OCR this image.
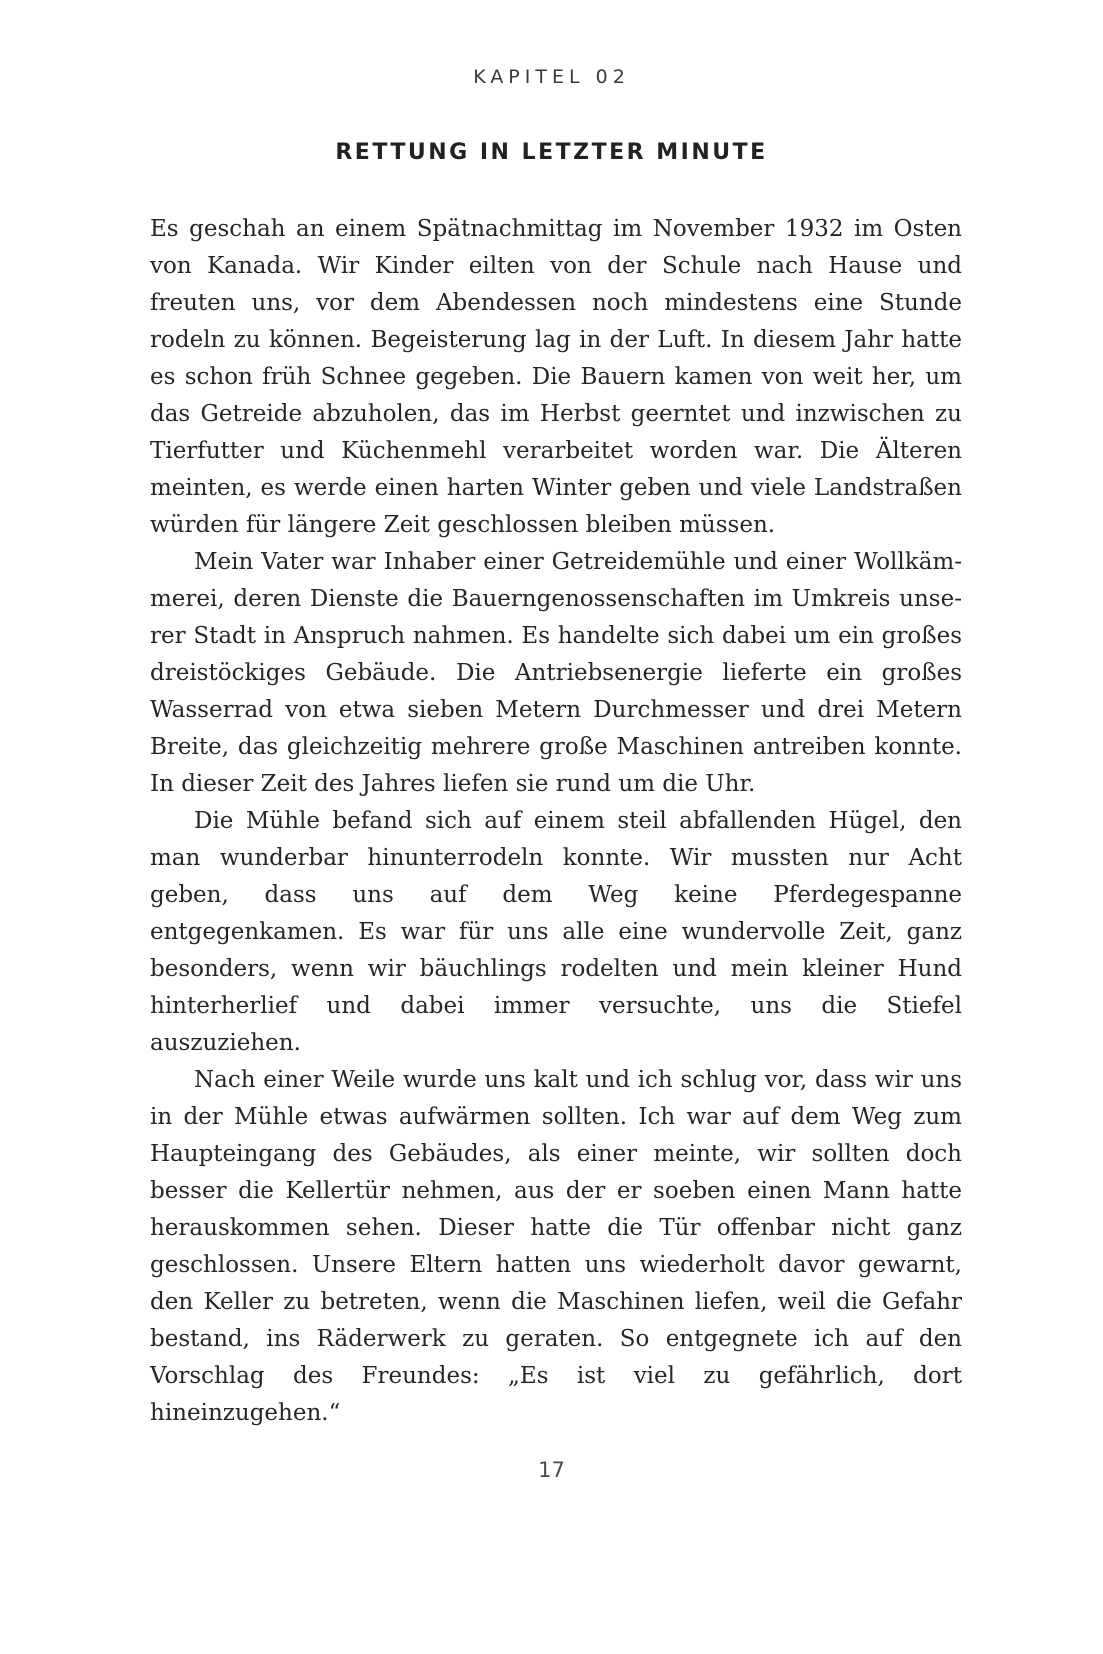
KAPITEL 02
RETTUNG IN LETZTER MINUTE

Es geschah an einem Spätnachmittag im November 1932 im Osten von Kanada. Wir Kinder eilten von der Schule nach Hause und freuten uns, vor dem Abendessen noch mindestens eine Stunde rodeln zu können. Begeisterung lag in der Luft. In diesem Jahr hatte es schon früh Schnee gegeben. Die Bauern kamen von weit her, um das Getreide abzuholen, das im Herbst geerntet und inzwischen zu Tierfutter und Küchenmehl verarbeitet worden war. Die Älteren meinten, es werde einen harten Winter geben und viele Landstraßen würden für längere Zeit geschlossen bleiben müssen.

Mein Vater war Inhaber einer Getreidemühle und einer Wollkämmerei, deren Dienste die Bauerngenossenschaften im Umkreis unserer Stadt in Anspruch nahmen. Es handelte sich dabei um ein großes dreistöckiges Gebäude. Die Antriebsenergie lieferte ein großes Wasserrad von etwa sieben Metern Durchmesser und drei Metern Breite, das gleichzeitig mehrere große Maschinen antreiben konnte. In dieser Zeit des Jahres liefen sie rund um die Uhr.

Die Mühle befand sich auf einem steil abfallenden Hügel, den man wunderbar hinunterrodeln konnte. Wir mussten nur Acht geben, dass uns auf dem Weg keine Pferdegespanne entgegenkamen. Es war für uns alle eine wundervolle Zeit, ganz besonders, wenn wir bäuchlings rodelten und mein kleiner Hund hinterherlief und dabei immer versuchte, uns die Stiefel auszuziehen.

Nach einer Weile wurde uns kalt und ich schlug vor, dass wir uns in der Mühle etwas aufwärmen sollten. Ich war auf dem Weg zum Haupteingang des Gebäudes, als einer meinte, wir sollten doch besser die Kellertür nehmen, aus der er soeben einen Mann hatte herauskommen sehen. Dieser hatte die Tür offenbar nicht ganz geschlossen. Unsere Eltern hatten uns wiederholt davor gewarnt, den Keller zu betreten, wenn die Maschinen liefen, weil die Gefahr bestand, ins Räderwerk zu geraten. So entgegnete ich auf den Vorschlag des Freundes: „Es ist viel zu gefährlich, dort hineinzugehen.“

17
